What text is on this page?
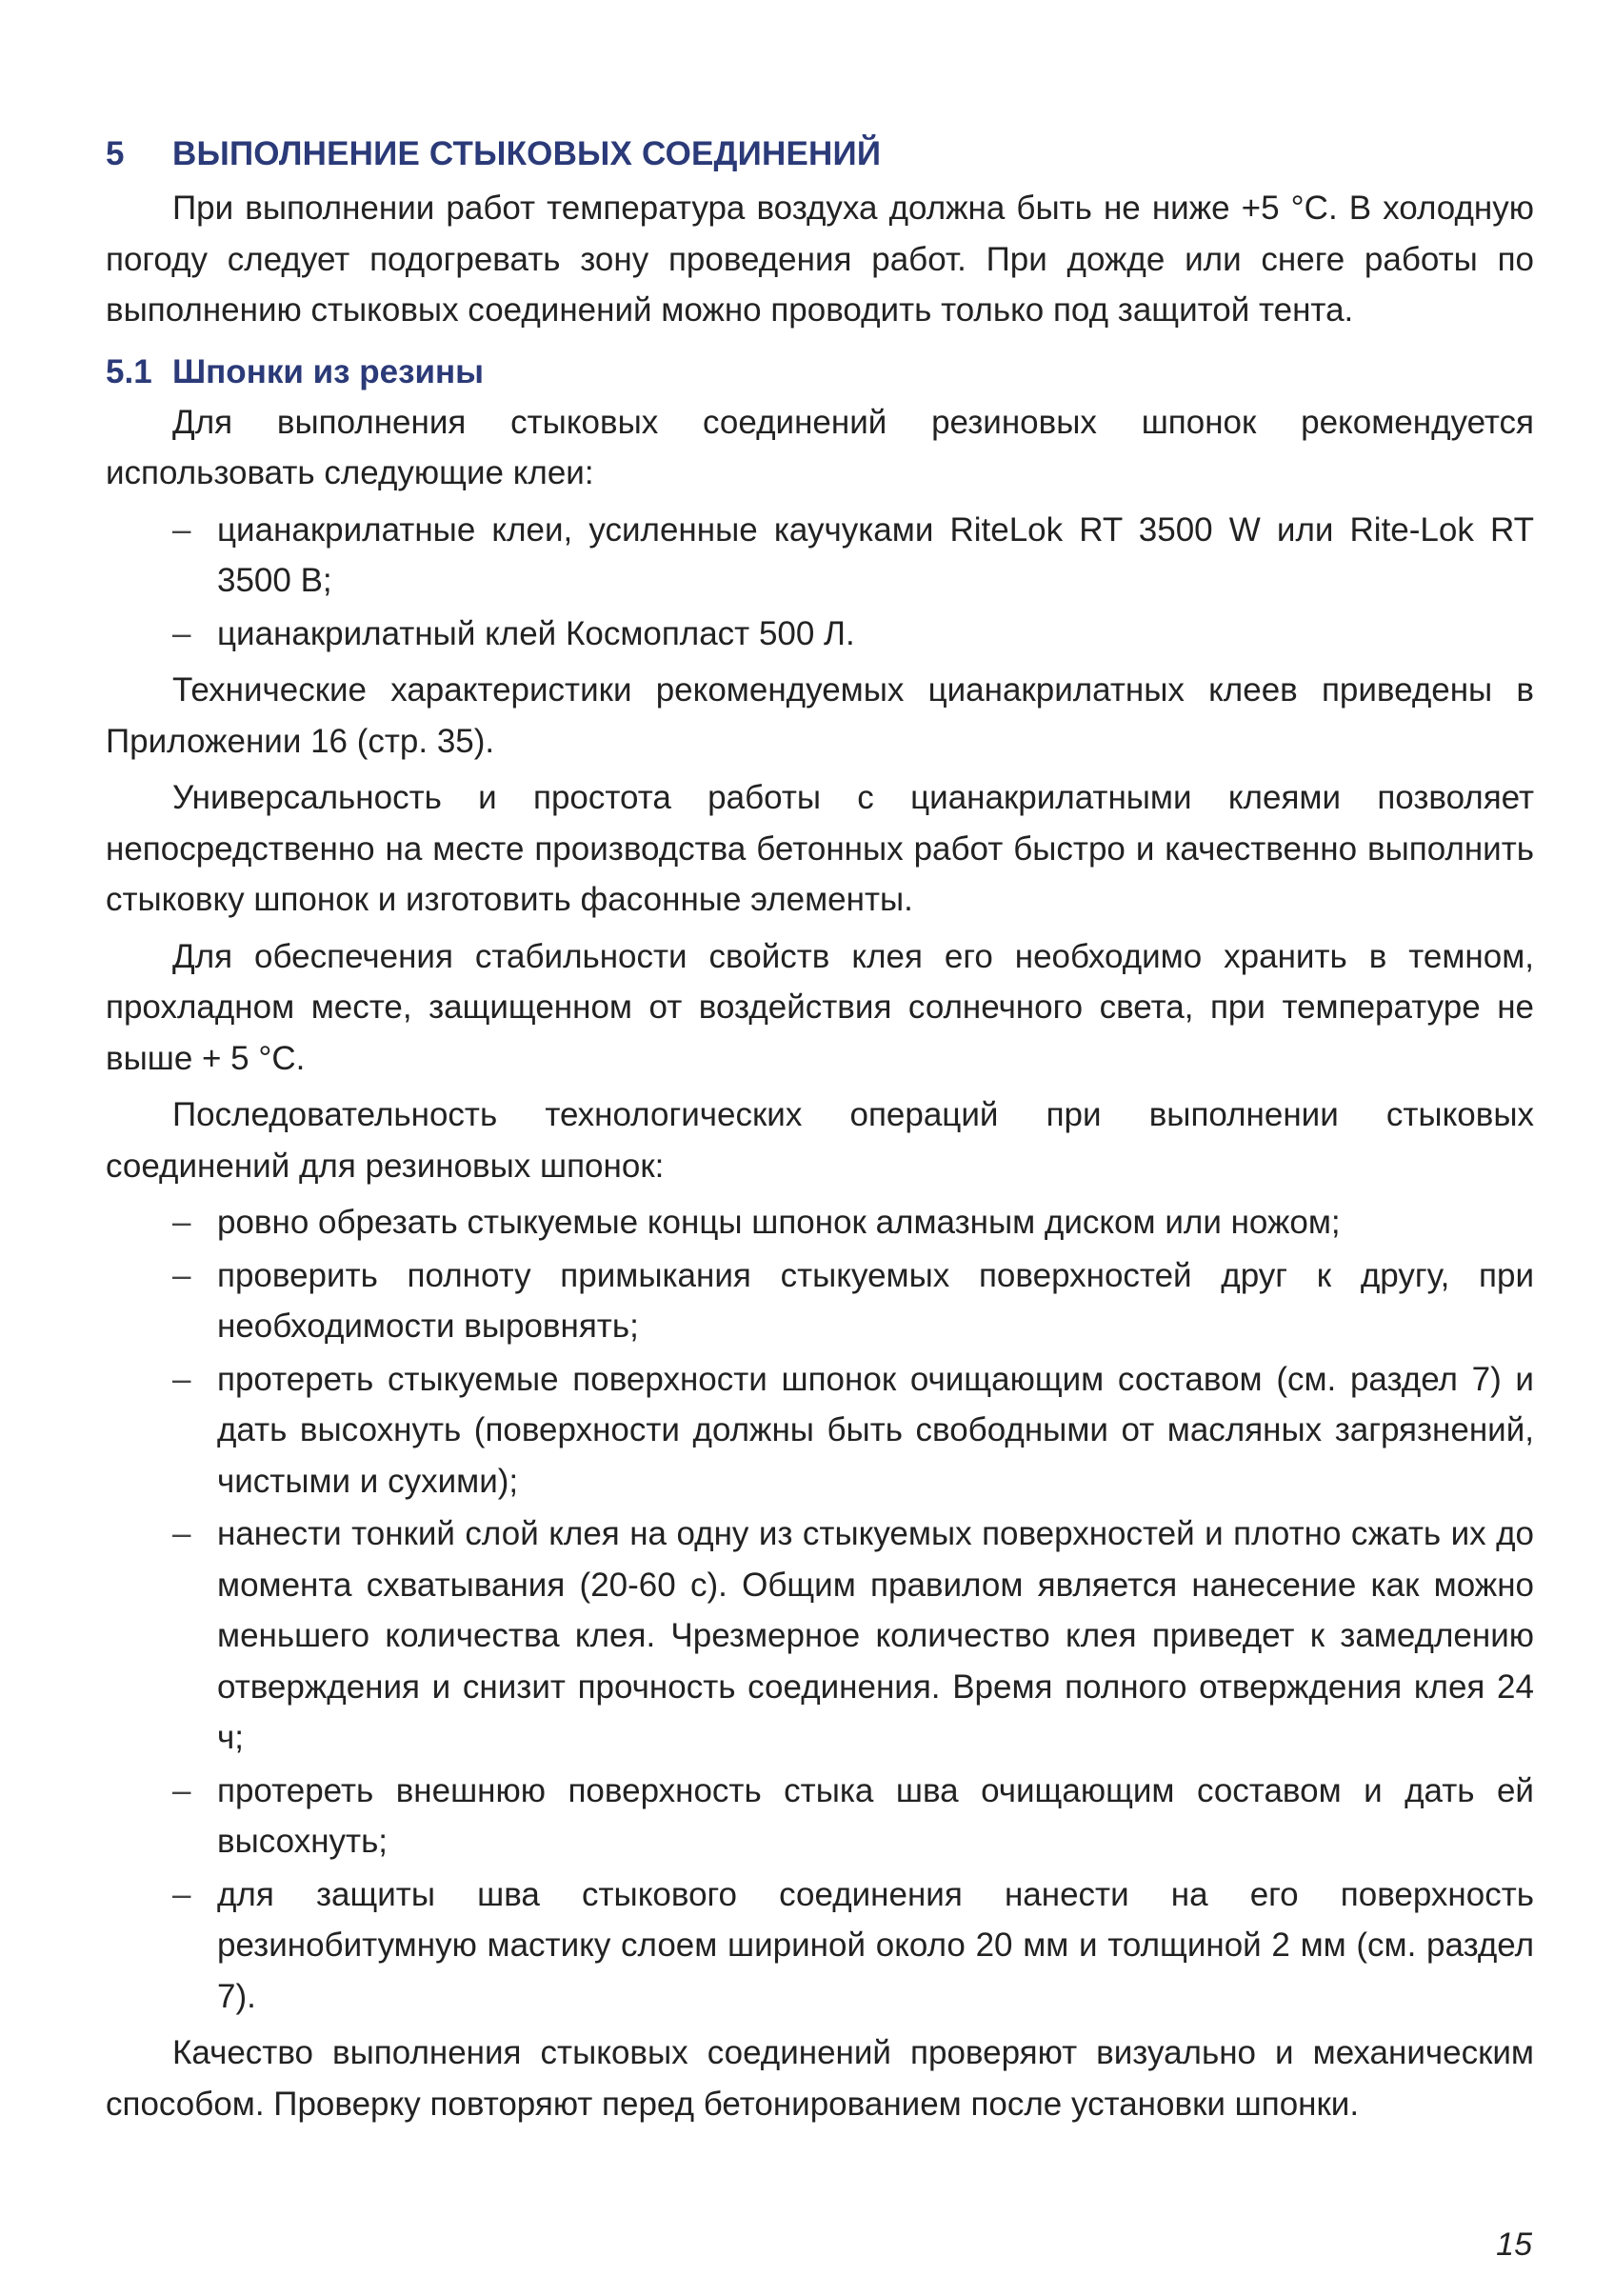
5 ВЫПОЛНЕНИЕ СТЫКОВЫХ СОЕДИНЕНИЙ

При выполнении работ температура воздуха должна быть не ниже +5 °С. В холодную погоду следует подогревать зону проведения работ. При дожде или снеге работы по выполнению стыковых соединений можно проводить только под защитой тента.

5.1 Шпонки из резины

Для выполнения стыковых соединений резиновых шпонок рекомендуется использовать следующие клеи:

– цианакрилатные клеи, усиленные каучуками RiteLok RT 3500 W или Rite-Lok RT 3500 B;
– цианакрилатный клей Космопласт 500 Л.

Технические характеристики рекомендуемых цианакрилатных клеев приведены в Приложении 16 (стр. 35).

Универсальность и простота работы с цианакрилатными клеями позволяет непосредственно на месте производства бетонных работ быстро и качественно выполнить стыковку шпонок и изготовить фасонные элементы.

Для обеспечения стабильности свойств клея его необходимо хранить в темном, прохладном месте, защищенном от воздействия солнечного света, при температуре не выше + 5 °С.

Последовательность технологических операций при выполнении стыковых соединений для резиновых шпонок:

– ровно обрезать стыкуемые концы шпонок алмазным диском или ножом;
– проверить полноту примыкания стыкуемых поверхностей друг к другу, при необходимости выровнять;
– протереть стыкуемые поверхности шпонок очищающим составом (см. раздел 7) и дать высохнуть (поверхности должны быть свободными от масляных загрязнений, чистыми и сухими);
– нанести тонкий слой клея на одну из стыкуемых поверхностей и плотно сжать их до момента схватывания (20-60 с). Общим правилом является нанесение как можно меньшего количества клея. Чрезмерное количество клея приведет к замедлению отверждения и снизит прочность соединения. Время полного отверждения клея 24 ч;
– протереть внешнюю поверхность стыка шва очищающим составом и дать ей высохнуть;
– для защиты шва стыкового соединения нанести на его поверхность резинобитумную мастику слоем шириной около 20 мм и толщиной 2 мм (см. раздел 7).

Качество выполнения стыковых соединений проверяют визуально и механическим способом. Проверку повторяют перед бетонированием после установки шпонки.

15
